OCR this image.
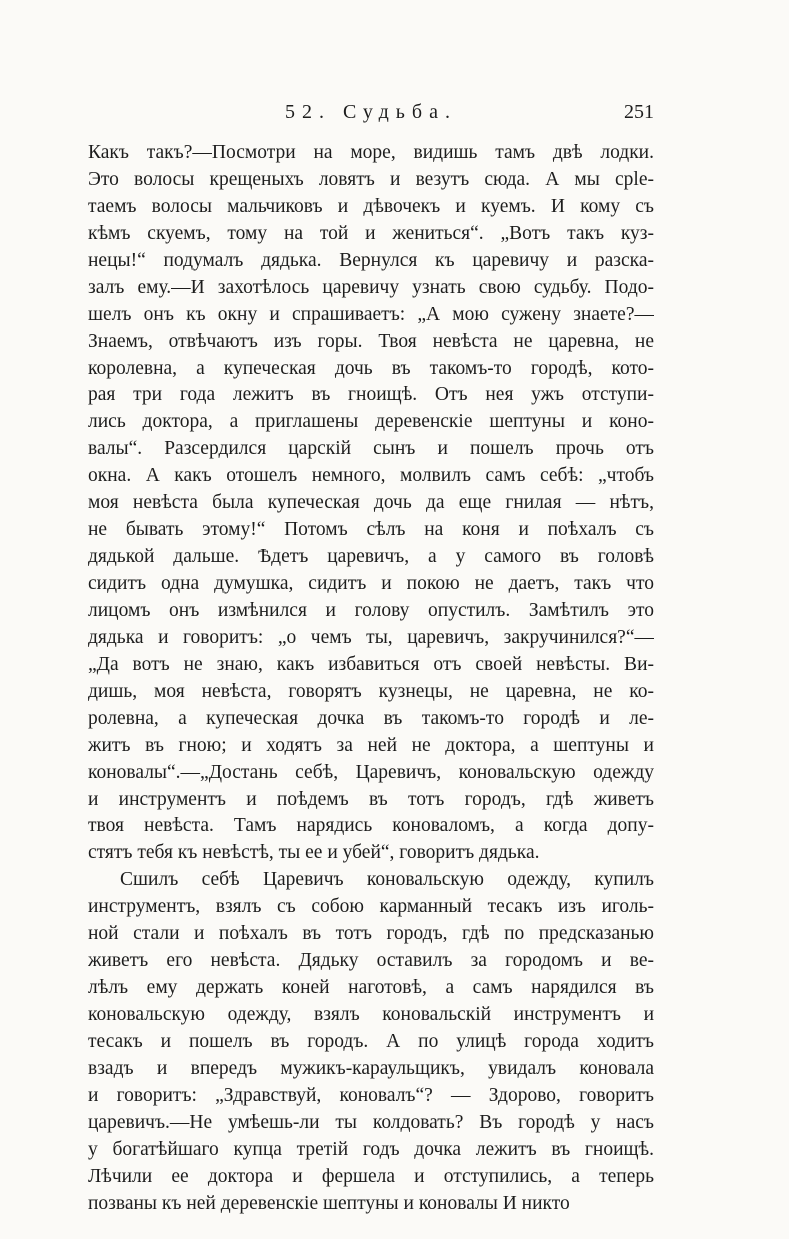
52. Судьба.	251
Какъ такъ?—Посмотри на море, видишь тамъ двѣ лодки.
Это волосы крещеныхъ ловятъ и везутъ сюда. А мы сple-
таемъ волосы мальчиковъ и дѣвочекъ и куемъ. И кому съ
кѣмъ скуемъ, тому на той и жениться“. „Вотъ такъ куз-
нецы!“ подумалъ дядька. Вернулся къ царевичу и разска-
залъ ему.—И захотѣлось царевичу узнать свою судьбу. Подо-
шелъ онъ къ окну и спрашиваетъ: „А мою сужену знаете?—
Знаемъ, отвѣчаютъ изъ горы. Твоя невѣста не царевна, не
королевна, а купеческая дочь въ такомъ-то городѣ, кото-
рая три года лежитъ въ гноищѣ. Отъ нея ужъ отступи-
лись доктора, а приглашены деревенскіе шептуны и коно-
валы“. Разсердился царскій сынъ и пошелъ прочь отъ
окна. А какъ отошелъ немного, молвилъ самъ себѣ: „чтобъ
моя невѣста была купеческая дочь да еще гнилая — нѣтъ,
не бывать этому!“ Потомъ сѣлъ на коня и поѣхалъ съ
дядькой дальше. Ѣдетъ царевичъ, а у самого въ головѣ
сидитъ одна думушка, сидитъ и покою не даетъ, такъ что
лицомъ онъ измѣнился и голову опустилъ. Замѣтилъ это
дядька и говоритъ: „о чемъ ты, царевичъ, закручинился?“—
„Да вотъ не знаю, какъ избавиться отъ своей невѣсты. Ви-
дишь, моя невѣста, говорятъ кузнецы, не царевна, не ко-
ролевна, а купеческая дочка въ такомъ-то городѣ и ле-
житъ въ гною; и ходятъ за ней не доктора, а шептуны и
коновалы“.—„Достань себѣ, Царевичъ, коновальскую одежду
и инструментъ и поѣдемъ въ тотъ городъ, гдѣ живетъ
твоя невѣста. Тамъ нарядись коноваломъ, а когда допу-
стятъ тебя къ невѣстѣ, ты ее и убей“, говоритъ дядька.
Сшилъ себѣ Царевичъ коновальскую одежду, купилъ
инструментъ, взялъ съ собою карманный тесакъ изъ иголь-
ной стали и поѣхалъ въ тотъ городъ, гдѣ по предсказанью
живетъ его невѣста. Дядьку оставилъ за городомъ и ве-
лѣлъ ему держать коней наготовѣ, а самъ нарядился въ
коновальскую одежду, взялъ коновальскій инструментъ и
тесакъ и пошелъ въ городъ. А по улицѣ города ходитъ
взадъ и впередъ мужикъ-караульщикъ, увидалъ коновала
и говоритъ: „Здравствуй, коновалъ“? — Здорово, говоритъ
царевичъ.—Не умѣешь-ли ты колдовать? Въ городѣ у насъ
у богатѣйшаго купца третій годъ дочка лежитъ въ гноищѣ.
Лѣчили ее доктора и фершела и отступились, а теперь
позваны къ ней деревенскіе шептуны и коновалы И никто
